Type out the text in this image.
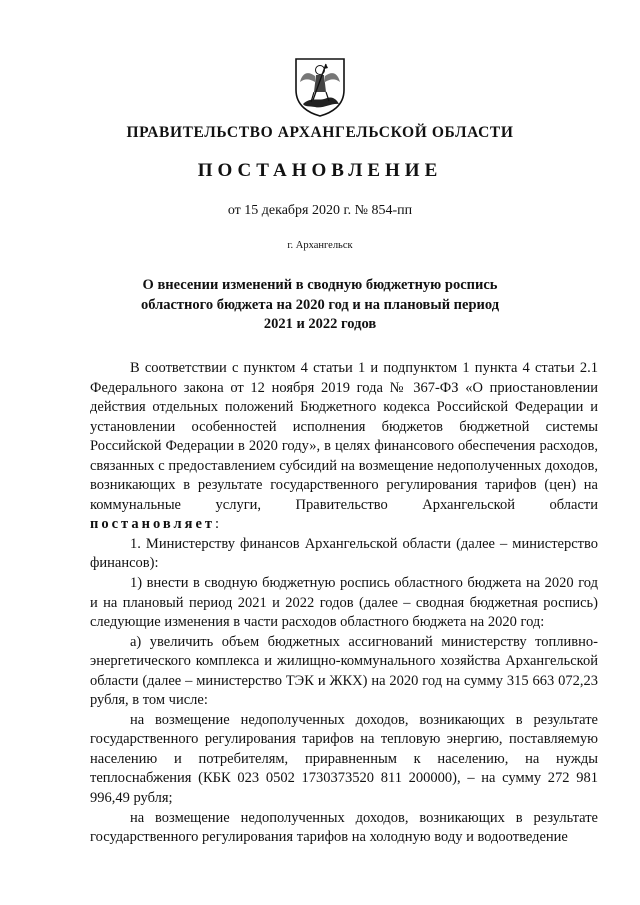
ПРАВИТЕЛЬСТВО АРХАНГЕЛЬСКОЙ ОБЛАСТИ
ПОСТАНОВЛЕНИЕ
от 15 декабря 2020 г. № 854-пп
г. Архангельск
О внесении изменений в сводную бюджетную роспись
областного бюджета на 2020 год и на плановый период
2021 и 2022 годов

В соответствии с пунктом 4 статьи 1 и подпунктом 1 пункта 4 статьи 2.1 Федерального закона от 12 ноября 2019 года № 367-ФЗ «О приостановлении действия отдельных положений Бюджетного кодекса Российской Федерации и установлении особенностей исполнения бюджетов бюджетной системы Российской Федерации в 2020 году», в целях финансового обеспечения расходов, связанных с предоставлением субсидий на возмещение недополученных доходов, возникающих в результате государственного регулирования тарифов (цен) на коммунальные услуги, Правительство Архангельской области постановляет:

1. Министерству финансов Архангельской области (далее – министерство финансов):

1) внести в сводную бюджетную роспись областного бюджета на 2020 год и на плановый период 2021 и 2022 годов (далее – сводная бюджетная роспись) следующие изменения в части расходов областного бюджета на 2020 год:

а) увеличить объем бюджетных ассигнований министерству топливно-энергетического комплекса и жилищно-коммунального хозяйства Архангельской области (далее – министерство ТЭК и ЖКХ) на 2020 год на сумму 315 663 072,23 рубля, в том числе:

на возмещение недополученных доходов, возникающих в результате государственного регулирования тарифов на тепловую энергию, поставляемую населению и потребителям, приравненным к населению, на нужды теплоснабжения (КБК 023 0502 1730373520 811 200000), – на сумму 272 981 996,49 рубля;

на возмещение недополученных доходов, возникающих в результате государственного регулирования тарифов на холодную воду и водоотведение
